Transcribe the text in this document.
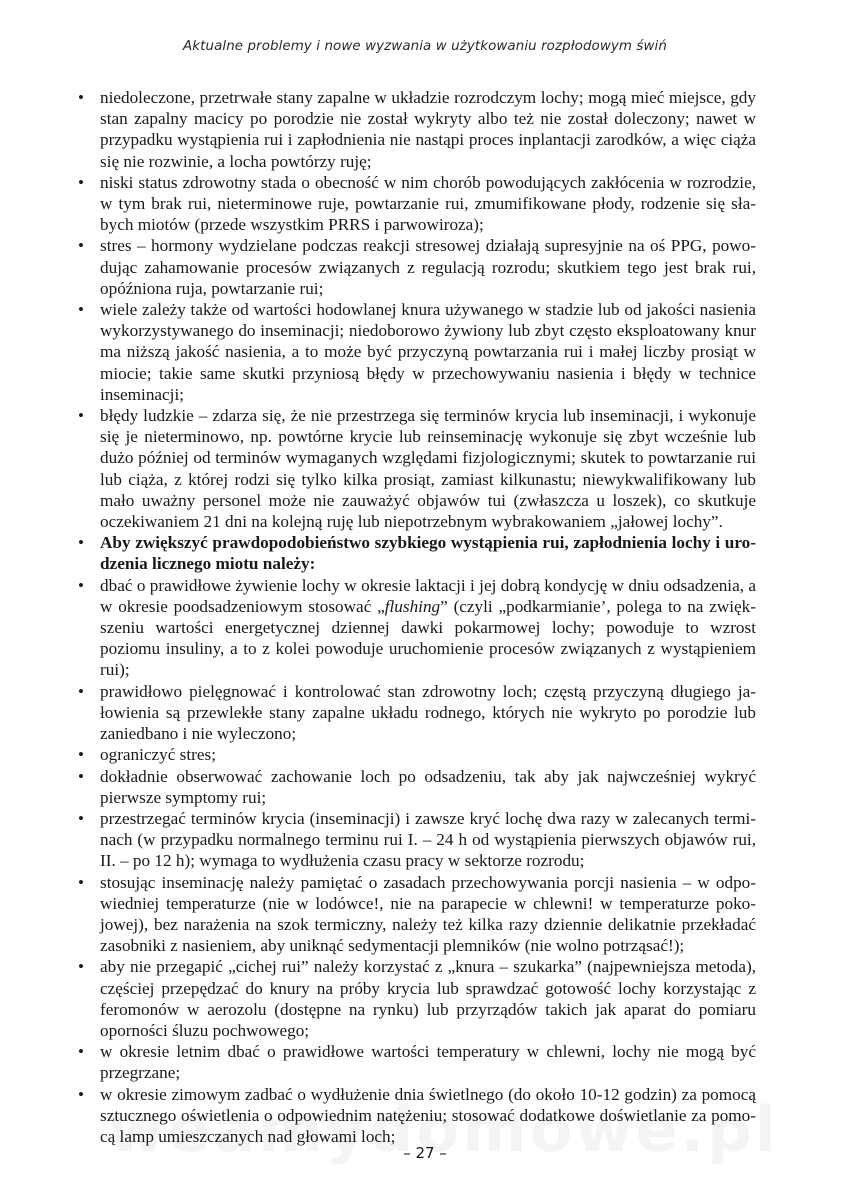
Aktualne problemy i nowe wyzwania w użytkowaniu rozpłodowym świń
• niedoleczone, przetrwałe stany zapalne w układzie rozrodczym lochy; mogą mieć miejsce, gdy stan zapalny macicy po porodzie nie został wykryty albo też nie został doleczony; nawet w przypadku wystąpienia rui i zapłodnienia nie nastąpi proces inplantacji zarodków, a więc ciąża się nie rozwinie, a locha powtórzy ruję;
• niski status zdrowotny stada o obecność w nim chorób powodujących zakłócenia w rozrodzie, w tym brak rui, nieterminowe ruje, powtarzanie rui, zmumifikowane płody, rodzenie się słabych miotów (przede wszystkim PRRS i parwowiroza);
• stres – hormony wydzielane podczas reakcji stresowej działają supresyjnie na oś PPG, powodując zahamowanie procesów związanych z regulacją rozrodu; skutkiem tego jest brak rui, opóźniona ruja, powtarzanie rui;
• wiele zależy także od wartości hodowlanej knura używanego w stadzie lub od jakości nasienia wykorzystywanego do inseminacji; niedoborowo żywiony lub zbyt często eksploatowany knur ma niższą jakość nasienia, a to może być przyczyną powtarzania rui i małej liczby prosiąt w miocie; takie same skutki przyniosą błędy w przechowywaniu nasienia i błędy w technice inseminacji;
• błędy ludzkie – zdarza się, że nie przestrzega się terminów krycia lub inseminacji, i wykonuje się je nieterminowo, np. powtórne krycie lub reinseminację wykonuje się zbyt wcześnie lub dużo później od terminów wymaganych względami fizjologicznymi; skutek to powtarzanie rui lub ciąża, z której rodzi się tylko kilka prosiąt, zamiast kilkunastu; niewykwalifikowany lub mało uważny personel może nie zauważyć objawów tui (zwłaszcza u loszek), co skutkuje oczekiwaniem 21 dni na kolejną ruję lub niepotrzebnym wybrakowaniem „jałowej lochy”.
• Aby zwiększyć prawdopodobieństwo szybkiego wystąpienia rui, zapłodnienia lochy i urodzenia licznego miotu należy:
• dbać o prawidłowe żywienie lochy w okresie laktacji i jej dobrą kondycję w dniu odsadzenia, a w okresie poodsadzeniowym stosować „flushing” (czyli „podkarmianie’, polega to na zwiększeniu wartości energetycznej dziennej dawki pokarmowej lochy; powoduje to wzrost poziomu insuliny, a to z kolei powoduje uruchomienie procesów związanych z wystąpieniem rui);
• prawidłowo pielęgnować i kontrolować stan zdrowotny loch; częstą przyczyną długiego jałowienia są przewlekłe stany zapalne układu rodnego, których nie wykryto po porodzie lub zaniedbano i nie wyleczono;
• ograniczyć stres;
• dokładnie obserwować zachowanie loch po odsadzeniu, tak aby jak najwcześniej wykryć pierwsze symptomy rui;
• przestrzegać terminów krycia (inseminacji) i zawsze kryć lochę dwa razy w zalecanych terminach (w przypadku normalnego terminu rui I. – 24 h od wystąpienia pierwszych objawów rui, II. – po 12 h); wymaga to wydłużenia czasu pracy w sektorze rozrodu;
• stosując inseminację należy pamiętać o zasadach przechowywania porcji nasienia – w odpowiedniej temperaturze (nie w lodówce!, nie na parapecie w chlewni! w temperaturze pokojowej), bez narażenia na szok termiczny, należy też kilka razy dziennie delikatnie przekładać zasobniki z nasieniem, aby uniknąć sedymentacji plemników (nie wolno potrząsać!);
• aby nie przegapić „cichej rui” należy korzystać z „knura – szukarka” (najpewniejsza metoda), częściej przepędzać do knury na próby krycia lub sprawdzać gotowość lochy korzystając z feromonów w aerozolu (dostępne na rynku) lub przyrządów takich jak aparat do pomiaru oporności śluzu pochwowego;
• w okresie letnim dbać o prawidłowe wartości temperatury w chlewni, lochy nie mogą być przegrzane;
• w okresie zimowym zadbać o wydłużenie dnia świetlnego (do około 10-12 godzin) za pomocą sztucznego oświetlenia o odpowiednim natężeniu; stosować dodatkowe doświetlanie za pomocą lamp umieszczanych nad głowami loch;
– 27 –
